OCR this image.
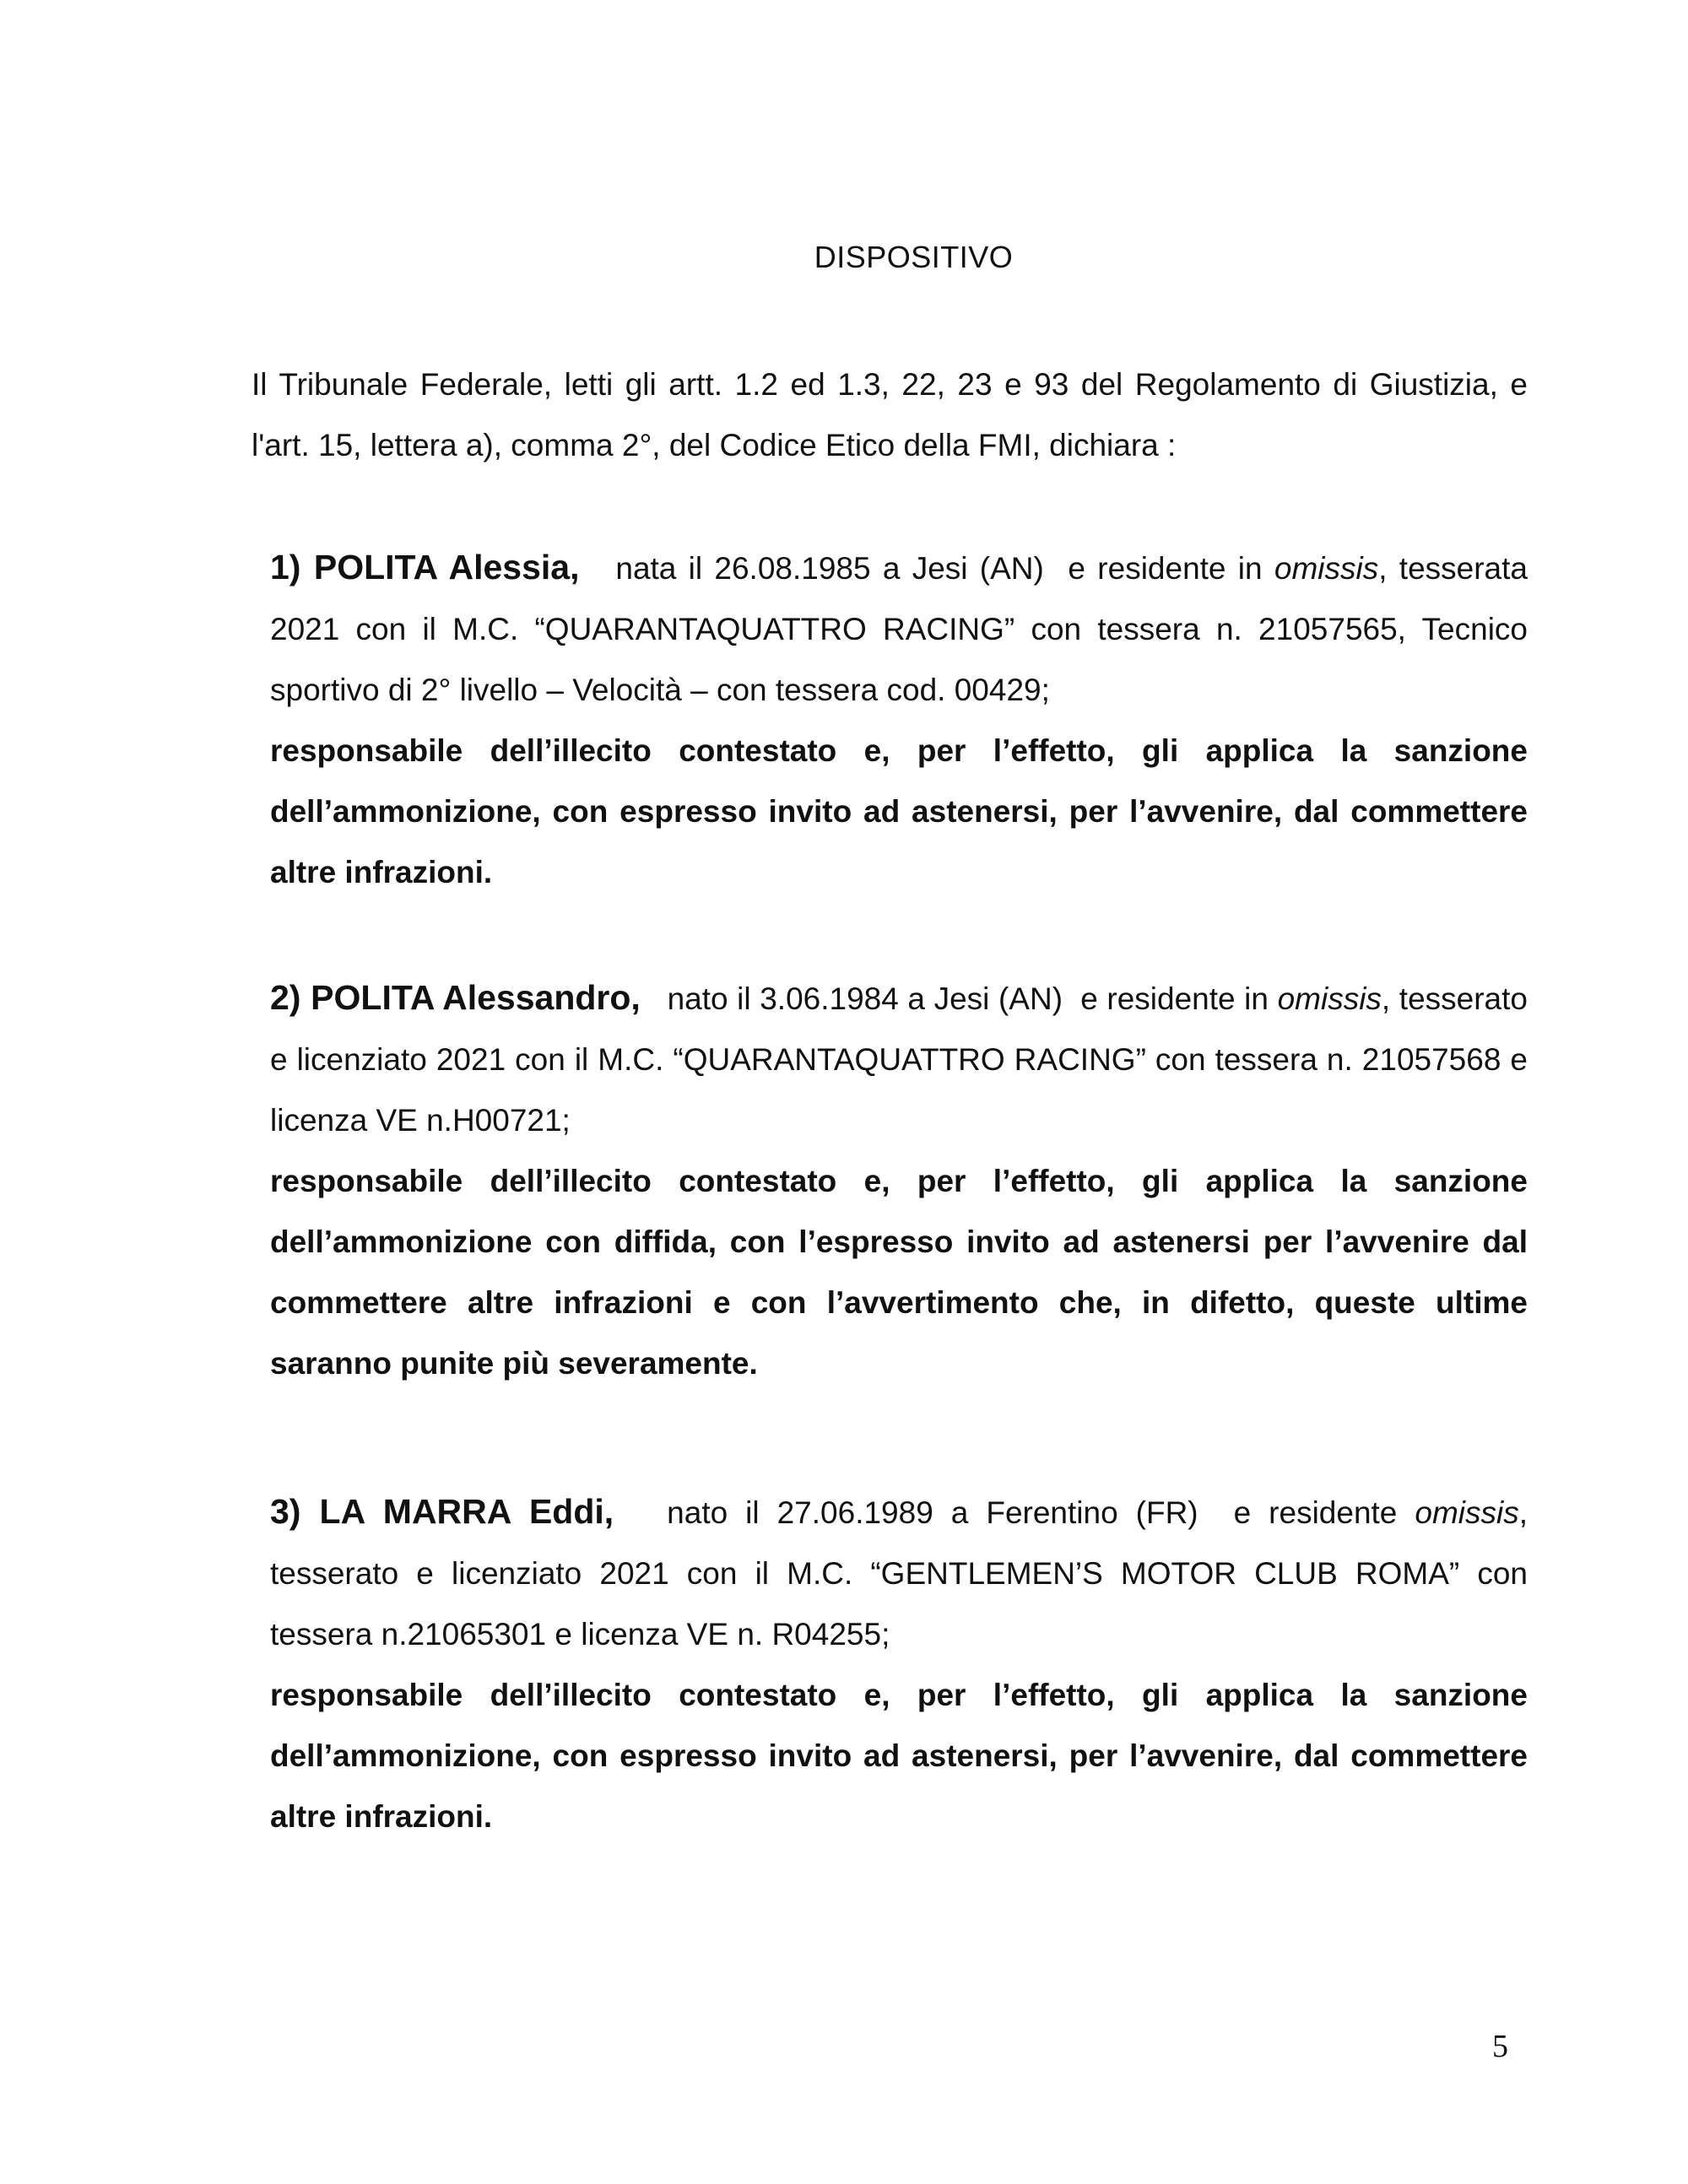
DISPOSITIVO
Il Tribunale Federale, letti gli artt. 1.2 ed 1.3, 22, 23 e 93 del Regolamento di Giustizia, e l'art. 15, lettera a), comma 2°, del Codice Etico della FMI, dichiara :

1) POLITA Alessia,   nata il 26.08.1985 a Jesi (AN)  e residente in omissis, tesserata 2021 con il M.C. “QUARANTAQUATTRO RACING” con tessera n. 21057565, Tecnico sportivo di 2° livello – Velocità – con tessera cod. 00429;

responsabile dell’illecito contestato e, per l’effetto, gli applica la sanzione dell’ammonizione, con espresso invito ad astenersi, per l’avvenire, dal commettere altre infrazioni.

2) POLITA Alessandro,   nato il 3.06.1984 a Jesi (AN)  e residente in omissis, tesserato e licenziato 2021 con il M.C. “QUARANTAQUATTRO RACING” con tessera n. 21057568 e licenza VE n.H00721;

responsabile dell’illecito contestato e, per l’effetto, gli applica la sanzione dell’ammonizione con diffida, con l’espresso invito ad astenersi per l’avvenire dal commettere altre infrazioni e con l’avvertimento che, in difetto, queste ultime saranno punite più severamente.

3) LA MARRA Eddi,   nato il 27.06.1989 a Ferentino (FR)  e residente omissis, tesserato e licenziato 2021 con il M.C. “GENTLEMEN’S MOTOR CLUB ROMA” con tessera n.21065301 e licenza VE n. R04255;

responsabile dell’illecito contestato e, per l’effetto, gli applica la sanzione dell’ammonizione, con espresso invito ad astenersi, per l’avvenire, dal commettere altre infrazioni.
5
